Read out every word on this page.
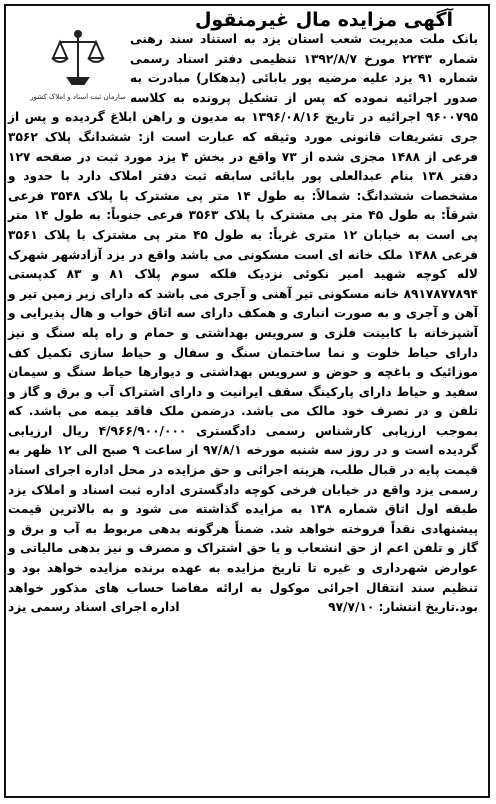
آگهی مزایده مال غیرمنقول
سازمان ثبت اسناد و املاک کشور
بانک ملت مدیریت شعب استان یزد به استناد سند رهنی شماره ۲۲۴۳ مورخ ۱۳۹۲/۸/۷ تنظیمی دفتر اسناد رسمی شماره ۹۱ یزد علیه مرضیه پور بابائی (بدهکار) مبادرت به صدور اجرائیه نموده که پس از تشکیل پرونده به کلاسه ۹۶۰۰۷۹۵ اجرائیه در تاریخ ۱۳۹۶/۰۸/۱۶ به مدیون و راهن ابلاغ گردیده و پس از جری تشریفات قانونی مورد وثیقه که عبارت است از: ششدانگ پلاک ۳۵۶۲ فرعی از ۱۴۸۸ مجزی شده از ۷۳ واقع در بخش ۴ یزد مورد ثبت در صفحه ۱۲۷ دفتر ۱۳۸ بنام عبدالعلی پور بابائی سابقه ثبت دفتر املاک دارد با حدود و مشخصات ششدانگ: شمالاً: به طول ۱۴ متر پی مشترک با پلاک ۳۵۴۸ فرعی شرقاً: به طول ۴۵ متر پی مشترک با پلاک ۳۵۶۳ فرعی جنوباً: به طول ۱۴ متر پی است به خیابان ۱۲ متری غرباً: به طول ۴۵ متر پی مشترک با پلاک ۳۵۶۱ فرعی ۱۴۸۸ ملک خانه ای است مسکونی می باشد واقع در یزد آزادشهر شهرک لاله کوچه شهید امیر نکوئی نزدیک فلکه سوم پلاک ۸۱ و ۸۳ کدپستی ۸۹۱۷۸۷۷۸۹۴ خانه مسکونی تیر آهنی و آجری می باشد که دارای زیر زمین تیر و آهن و آجری و به صورت انباری و همکف دارای سه اتاق خواب و هال پذیرایی و آشپزخانه با کابینت فلزی و سرویس بهداشتی و حمام و راه پله سنگ و نیز دارای حیاط خلوت و نما ساختمان سنگ و سفال و حیاط سازی تکمیل کف موزائیک و باغچه و حوض و سرویس بهداشتی و دیوارها حیاط سنگ و سیمان سفید و حیاط دارای پارکینگ سقف ایرانیت و دارای اشتراک آب و برق و گاز و تلفن و در تصرف خود مالک می باشد. درضمن ملک فاقد بیمه می باشد. که بموجب ارزیابی کارشناس رسمی دادگستری ۴/۹۶۶/۹۰۰/۰۰۰ ریال ارزیابی گردیده است و در روز سه شنبه مورخه ۹۷/۸/۱ از ساعت ۹ صبح الی ۱۲ ظهر به قیمت پایه در قبال طلب، هزینه اجرائی و حق مزایده در محل اداره اجرای اسناد رسمی یزد واقع در خیابان فرخی کوچه دادگستری اداره ثبت اسناد و املاک یزد طبقه اول اتاق شماره ۱۳۸ به مزایده گذاشته می شود و به بالاترین قیمت پیشنهادی نقداً فروخته خواهد شد. ضمناً هرگونه بدهی مربوط به آب و برق و گاز و تلفن اعم از حق انشعاب و یا حق اشتراک و مصرف و نیز بدهی مالیاتی و عوارض شهرداری و غیره تا تاریخ مزایده به عهده برنده مزایده خواهد بود و تنظیم سند انتقال اجرائی موکول به ارائه مفاصا حساب های مذکور خواهد بود.تاریخ انتشار: ۹۷/۷/۱۰
اداره اجرای اسناد رسمی یزد
